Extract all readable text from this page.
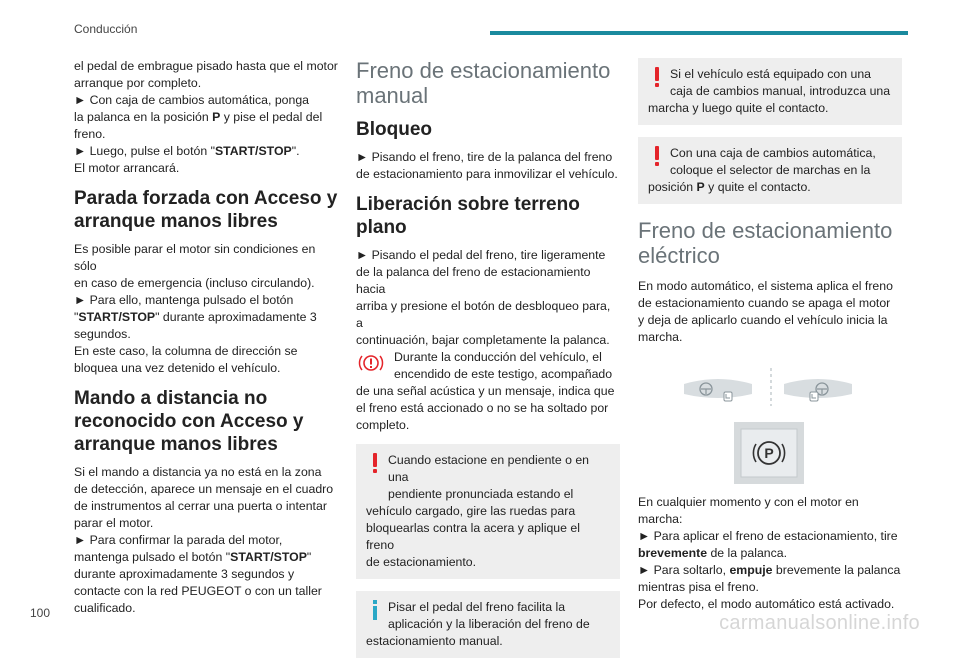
Conducción

el pedal de embrague pisado hasta que el motor
arranque por completo.
► Con caja de cambios automática, ponga
la palanca en la posición P y pise el pedal del
freno.
► Luego, pulse el botón "START/STOP".
El motor arrancará.

Parada forzada con Acceso y arranque manos libres

Es posible parar el motor sin condiciones en sólo
en caso de emergencia (incluso circulando).
► Para ello, mantenga pulsado el botón
"START/STOP" durante aproximadamente 3
segundos.
En este caso, la columna de dirección se
bloquea una vez detenido el vehículo.

Mando a distancia no reconocido con Acceso y arranque manos libres

Si el mando a distancia ya no está en la zona
de detección, aparece un mensaje en el cuadro
de instrumentos al cerrar una puerta o intentar
parar el motor.
► Para confirmar la parada del motor,
mantenga pulsado el botón "START/STOP"
durante aproximadamente 3 segundos y
contacte con la red PEUGEOT o con un taller
cualificado.

Freno de estacionamiento manual
Bloqueo

► Pisando el freno, tire de la palanca del freno
de estacionamiento para inmovilizar el vehículo.

Liberación sobre terreno plano

► Pisando el pedal del freno, tire ligeramente
de la palanca del freno de estacionamiento hacia
arriba y presione el botón de desbloqueo para, a
continuación, bajar completamente la palanca.

Durante la conducción del vehículo, el
encendido de este testigo, acompañado
de una señal acústica y un mensaje, indica que
el freno está accionado o no se ha soltado por
completo.

Cuando estacione en pendiente o en una
pendiente pronunciada estando el
vehículo cargado, gire las ruedas para
bloquearlas contra la acera y aplique el freno
de estacionamiento.

Pisar el pedal del freno facilita la
aplicación y la liberación del freno de
estacionamiento manual.

Si el vehículo está equipado con una
caja de cambios manual, introduzca una
marcha y luego quite el contacto.

Con una caja de cambios automática,
coloque el selector de marchas en la
posición P y quite el contacto.

Freno de estacionamiento eléctrico

En modo automático, el sistema aplica el freno
de estacionamiento cuando se apaga el motor
y deja de aplicarlo cuando el vehículo inicia la
marcha.

P

En cualquier momento y con el motor en
marcha:
► Para aplicar el freno de estacionamiento, tire
brevemente de la palanca.
► Para soltarlo, empuje brevemente la palanca
mientras pisa el freno.
Por defecto, el modo automático está activado.

100	carmanualsonline.info
